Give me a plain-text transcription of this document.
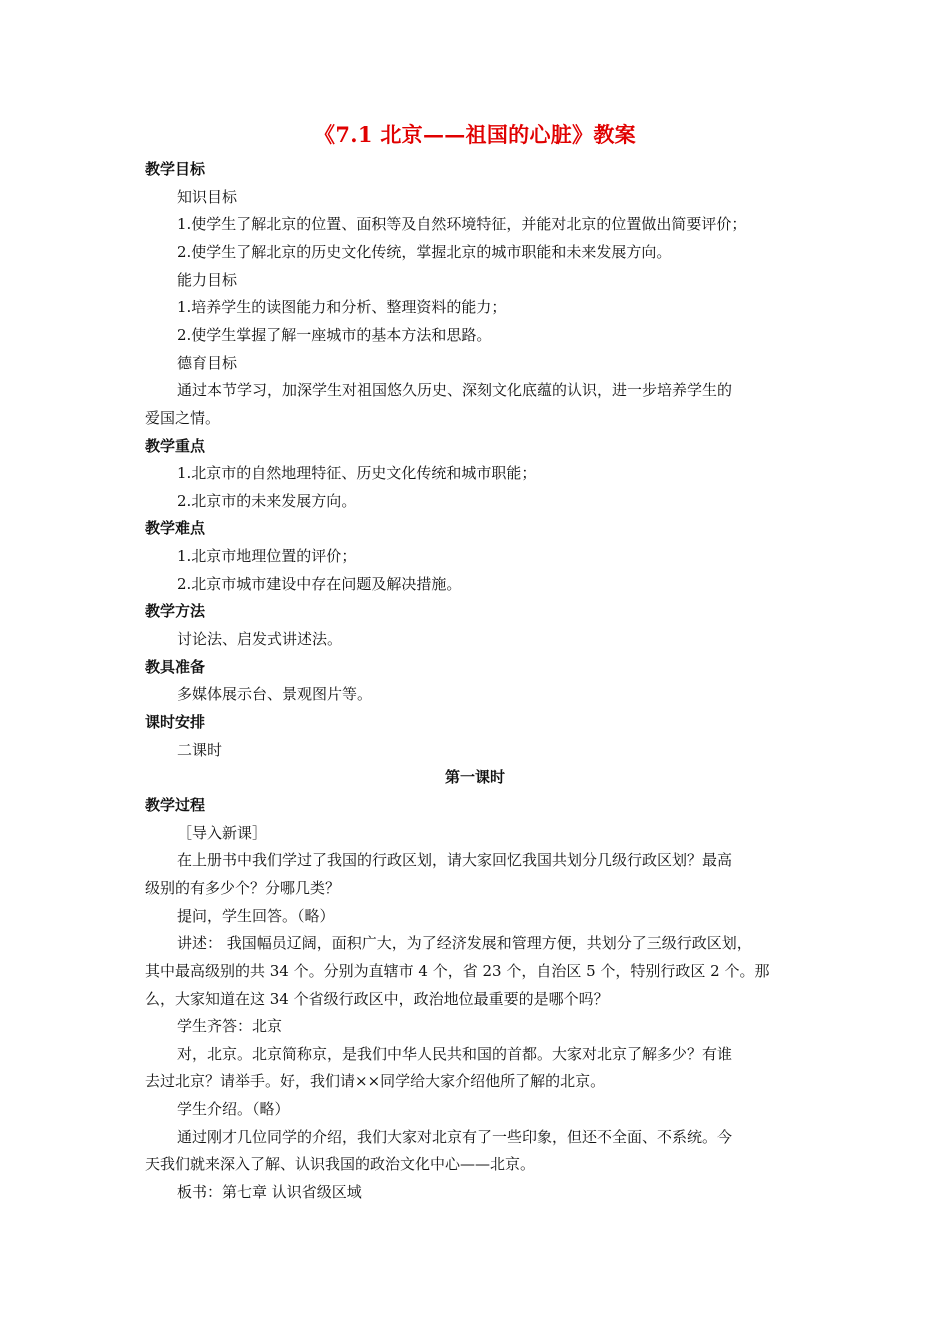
《7.1 北京——祖国的心脏》教案
教学目标
知识目标
1.使学生了解北京的位置、面积等及自然环境特征，并能对北京的位置做出简要评价；
2.使学生了解北京的历史文化传统，掌握北京的城市职能和未来发展方向。
能力目标
1.培养学生的读图能力和分析、整理资料的能力；
2.使学生掌握了解一座城市的基本方法和思路。
德育目标
通过本节学习，加深学生对祖国悠久历史、深刻文化底蕴的认识，进一步培养学生的
爱国之情。
教学重点
1.北京市的自然地理特征、历史文化传统和城市职能；
2.北京市的未来发展方向。
教学难点
1.北京市地理位置的评价；
2.北京市城市建设中存在问题及解决措施。
教学方法
讨论法、启发式讲述法。
教具准备
多媒体展示台、景观图片等。
课时安排
二课时
第一课时
教学过程
［导入新课］
在上册书中我们学过了我国的行政区划，请大家回忆我国共划分几级行政区划？最高
级别的有多少个？分哪几类？
提问，学生回答。（略）
讲述： 我国幅员辽阔，面积广大，为了经济发展和管理方便，共划分了三级行政区划，
其中最高级别的共 34 个。分别为直辖市 4 个，省 23 个，自治区 5 个，特别行政区 2 个。那
么，大家知道在这 34 个省级行政区中，政治地位最重要的是哪个吗？
学生齐答：北京
对，北京。北京简称京，是我们中华人民共和国的首都。大家对北京了解多少？有谁
去过北京？请举手。好，我们请××同学给大家介绍他所了解的北京。
学生介绍。（略）
通过刚才几位同学的介绍，我们大家对北京有了一些印象，但还不全面、不系统。今
天我们就来深入了解、认识我国的政治文化中心——北京。
板书：第七章 认识省级区域
